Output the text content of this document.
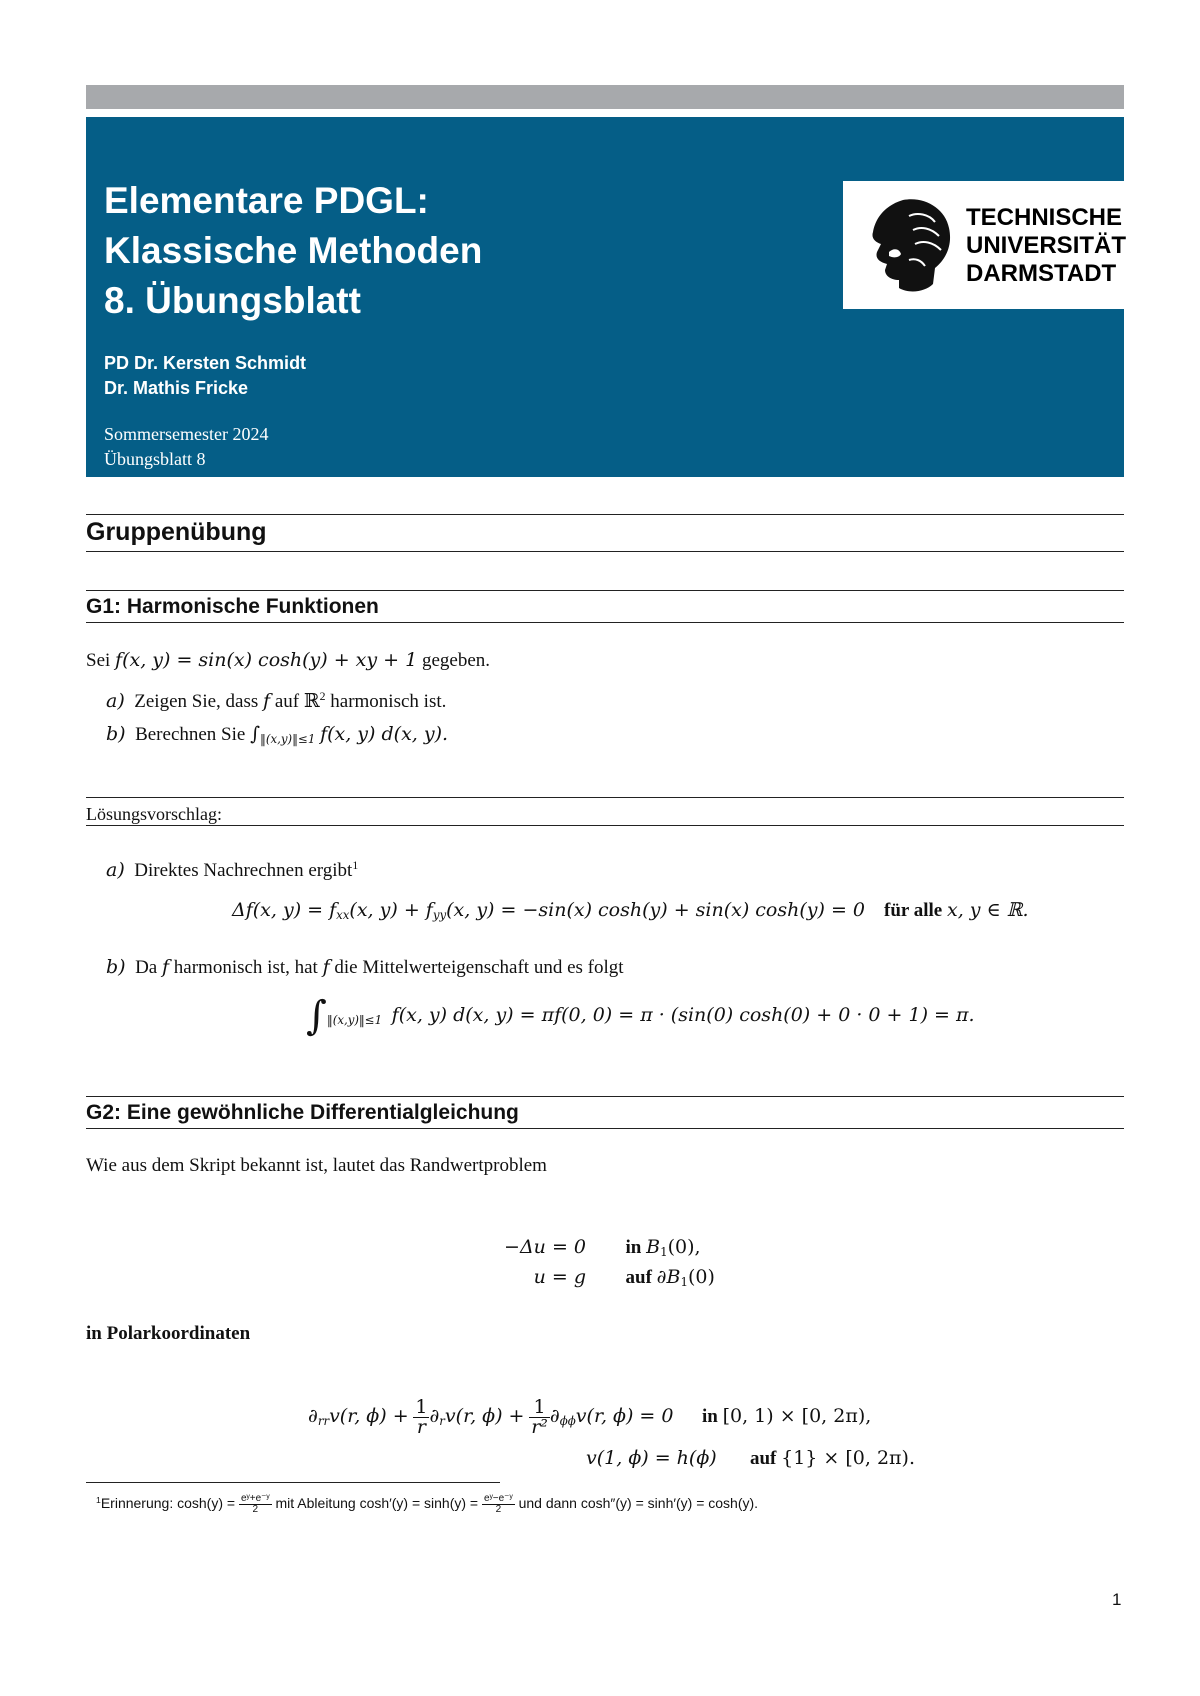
Elementare PDGL:
Klassische Methoden
8. Übungsblatt
PD Dr. Kersten Schmidt
Dr. Mathis Fricke
Sommersemester 2024
Übungsblatt 8
TECHNISCHE
UNIVERSITÄT
DARMSTADT
Gruppenübung
G1: Harmonische Funktionen
Sei f(x, y) = sin(x) cosh(y) + xy + 1 gegeben.
a) Zeigen Sie, dass f auf ℝ$^2$ harmonisch ist.
b) Berechnen Sie $\int_{‖(x,y)‖\le 1}$ f(x, y) d(x, y).
Lösungsvorschlag:
a) Direktes Nachrechnen ergibt$^1$
Δf(x, $y) = f_{xx}(x$, $y) + f_{yy}(x$, y) = −sin(x) cosh(y) + sin(x) cosh(y) = 0 für alle x, y ∈ ℝ.
b) Da f harmonisch ist, hat f die Mittelwerteigenschaft und es folgt
$\int_{‖(x,y)‖\le 1}$ f(x, y) d(x, y) = πf(0, 0) = π · (sin(0) cosh(0) + 0 · 0 + 1) = π.
G2: Eine gewöhnliche Differentialgleichung
Wie aus dem Skript bekannt ist, lautet das Randwertproblem
−Δu = 0 in $B_1(0)$,
u = g auf $\partial B_1(0)$
in Polarkoordinaten
$\partial_{rr}v(r$, $\phi) + \frac{1}{r} \partial_rv(r$, $\phi) + \frac{1}{\text{r²}} \partial_{\phi\phi}v(r$, ϕ) = 0 in [0, 1) × [0, 2π),
v(1, ϕ) = h(ϕ) auf {1} × [0, 2π).
$^1$Erinnerung: $\cosh(y) = \frac{\text{eʸ+e⁻ʸ}}{2}$ mit Ableitung $\cosh'(y) = \sinh(y) = \frac{\text{eʸ−e⁻ʸ}}{2}$ und dann cosh″(y) = sinh′(y) = cosh(y).
1
